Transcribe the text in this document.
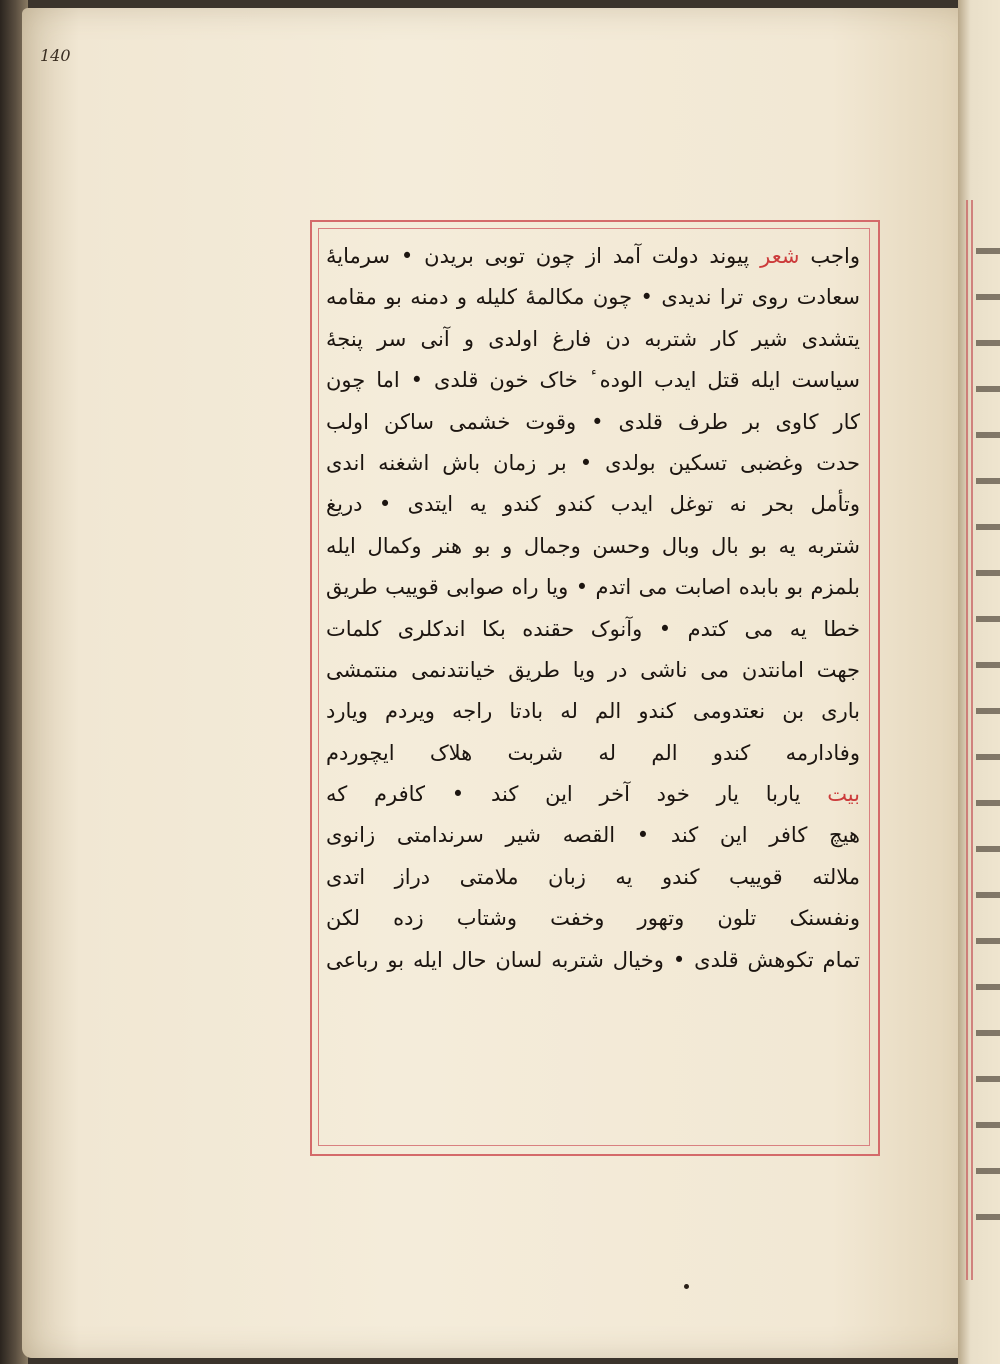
140
واجب شعر پیوند دولت آمد از چون توبی بریدن • سرمایهٔ
سعادت روی ترا ندیدی • چون مکالمهٔ کلیله و دمنه بو مقامه
یتشدی شیر کار شتربه دن فارغ اولدی و آنی سر پنجهٔ
سیاست ایله قتل ایدب الوده ٔ خاک خون قلدی • اما چون
کار کاوی بر طرف قلدی • وقوت خشمی ساکن اولب
حدت وغضبی تسکین بولدی • بر زمان باش اشغنه اندی
وتأمل بحر نه توغل ایدب کندو کندو یه ایتدی • دریغ
شتربه یه بو بال وبال وحسن وجمال و بو هنر وکمال ایله
بلمزم بو بابده اصابت مى اتدم • ويا راه صوابی قوییب طریق
خطا یه می کتدم • وآنوک حقنده بکا اندکلری کلمات
جهت امانتدن می ناشی در ویا طریق خیانتدنمی منتمشی
باری بن نعتدومی کندو الم له بادتا راجه ویردم ویارد
وفادارمه کندو الم له شربت هلاک ایچوردم
بیت یاربا یار خود آخر این کند • کافرم که
هیچ کافر این کند • القصه شیر سرندامتی زانوی
ملالته قوییب کندو یه زبان ملامتی دراز اتدی
ونفسنک تلون وتهور وخفت وشتاب زده لکن
تمام تکوهش قلدی • وخیال شتربه لسان حال ایله بو رباعی
